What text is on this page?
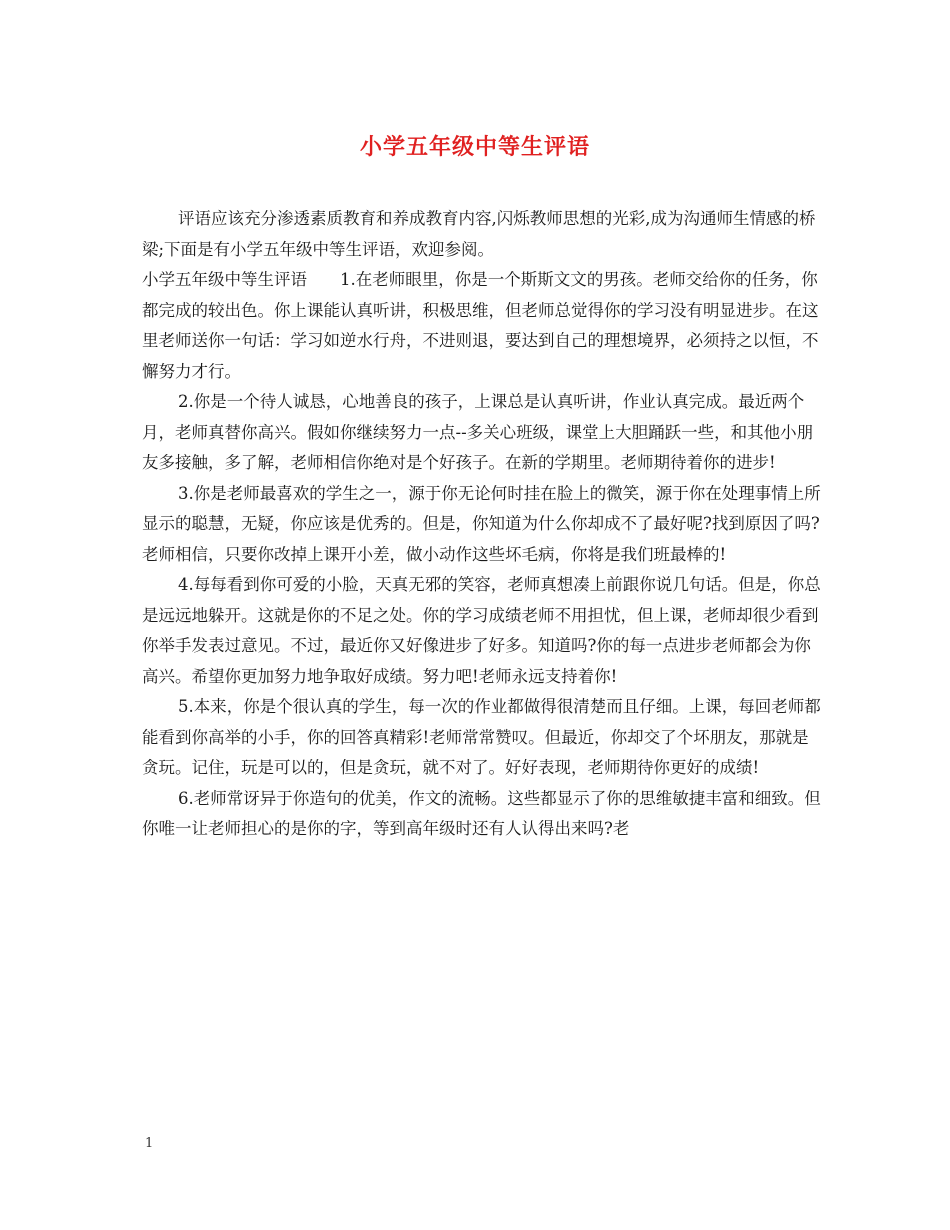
小学五年级中等生评语

评语应该充分渗透素质教育和养成教育内容,闪烁教师思想的光彩,成为沟通师生情感的桥梁;下面是有小学五年级中等生评语，欢迎参阅。

小学五年级中等生评语　　1.在老师眼里，你是一个斯斯文文的男孩。老师交给你的任务，你都完成的较出色。你上课能认真听讲，积极思维，但老师总觉得你的学习没有明显进步。在这里老师送你一句话：学习如逆水行舟，不进则退，要达到自己的理想境界，必须持之以恒，不懈努力才行。

2.你是一个待人诚恳，心地善良的孩子，上课总是认真听讲，作业认真完成。最近两个月，老师真替你高兴。假如你继续努力一点--多关心班级，课堂上大胆踊跃一些，和其他小朋友多接触，多了解，老师相信你绝对是个好孩子。在新的学期里。老师期待着你的进步!

3.你是老师最喜欢的学生之一，源于你无论何时挂在脸上的微笑，源于你在处理事情上所显示的聪慧，无疑，你应该是优秀的。但是，你知道为什么你却成不了最好呢?找到原因了吗?老师相信，只要你改掉上课开小差，做小动作这些坏毛病，你将是我们班最棒的!

4.每每看到你可爱的小脸，天真无邪的笑容，老师真想凑上前跟你说几句话。但是，你总是远远地躲开。这就是你的不足之处。你的学习成绩老师不用担忧，但上课，老师却很少看到你举手发表过意见。不过，最近你又好像进步了好多。知道吗?你的每一点进步老师都会为你高兴。希望你更加努力地争取好成绩。努力吧!老师永远支持着你!

5.本来，你是个很认真的学生，每一次的作业都做得很清楚而且仔细。上课，每回老师都能看到你高举的小手，你的回答真精彩!老师常常赞叹。但最近，你却交了个坏朋友，那就是贪玩。记住，玩是可以的，但是贪玩，就不对了。好好表现，老师期待你更好的成绩!

6.老师常讶异于你造句的优美，作文的流畅。这些都显示了你的思维敏捷丰富和细致。但你唯一让老师担心的是你的字，等到高年级时还有人认得出来吗?老

1
